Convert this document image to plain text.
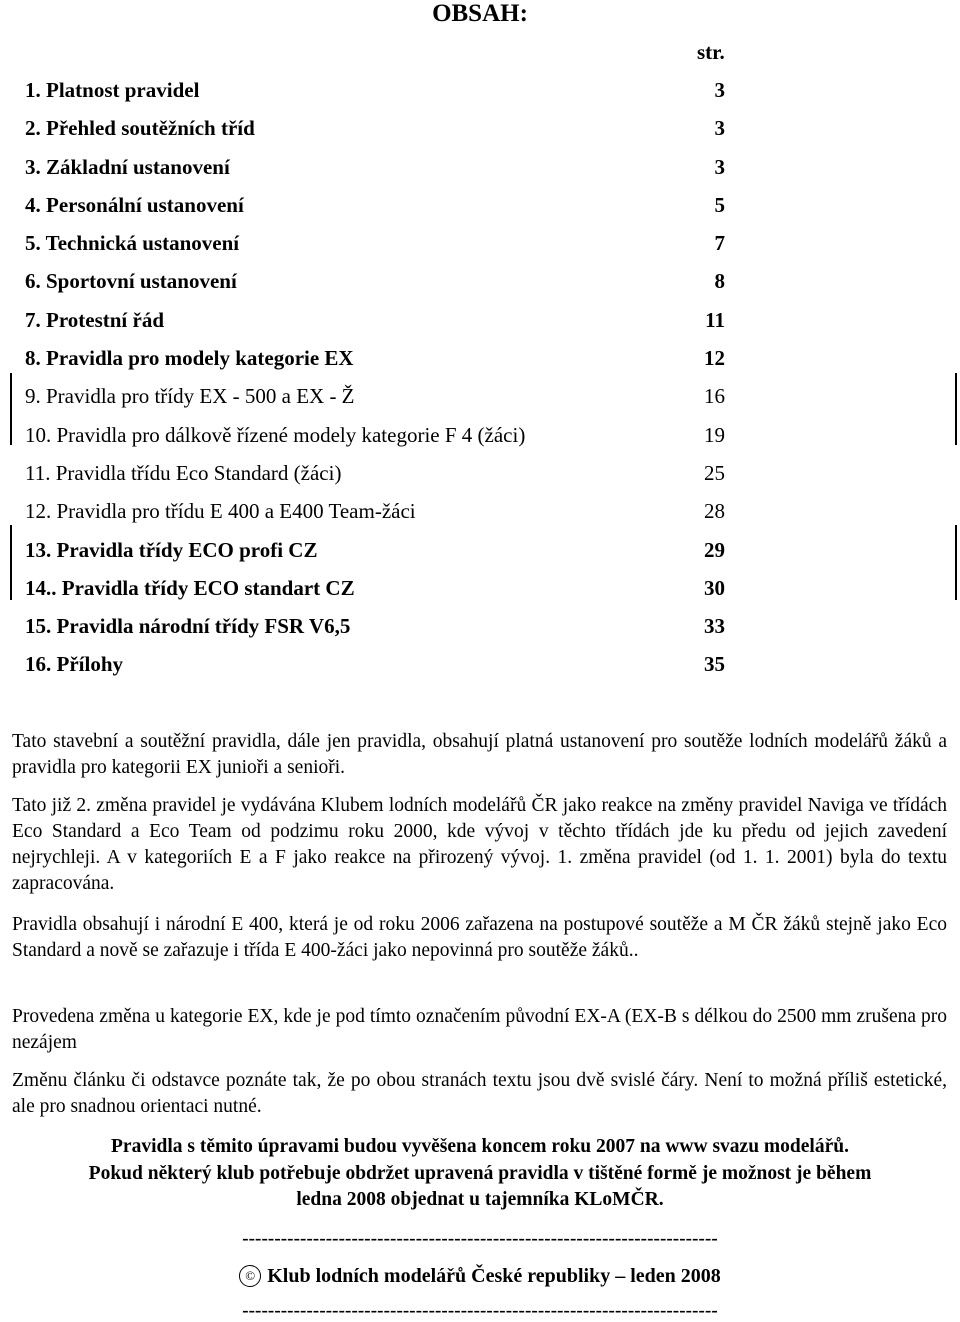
OBSAH:
str.
1. Platnost pravidel	3
2. Přehled soutěžních tříd	3
3. Základní ustanovení	3
4. Personální ustanovení	5
5. Technická ustanovení	7
6. Sportovní ustanovení	8
7. Protestní řád	11
8. Pravidla pro modely kategorie EX	12
9. Pravidla pro třídy EX - 500 a EX - Ž	16
10. Pravidla pro dálkově řízené modely kategorie F 4 (žáci)	19
11. Pravidla třídu Eco Standard (žáci)	25
12. Pravidla pro třídu E 400 a E400 Team-žáci	28
13. Pravidla třídy ECO profi CZ	29
14.. Pravidla třídy ECO standart CZ	30
15. Pravidla národní třídy FSR V6,5	33
16. Přílohy	35

Tato stavební a soutěžní pravidla, dále jen pravidla, obsahují platná ustanovení pro soutěže lodních modelářů žáků a pravidla pro kategorii EX junioři a senioři.

Tato již 2. změna pravidel je vydávána Klubem lodních modelářů ČR jako reakce na změny pravidel Naviga ve třídách Eco Standard a Eco Team od podzimu roku 2000, kde vývoj v těchto třídách jde ku předu od jejich zavedení nejrychleji. A v kategoriích E a F jako reakce na přirozený vývoj. 1. změna pravidel (od 1. 1. 2001) byla do textu zapracována.

Pravidla obsahují i národní E 400, která je od roku 2006 zařazena na postupové soutěže a M ČR žáků stejně jako Eco Standard a nově se zařazuje i třída E 400-žáci jako nepovinná pro soutěže žáků..

Provedena změna u kategorie EX, kde je pod tímto označením původní EX-A (EX-B s délkou do 2500 mm zrušena pro nezájem

Změnu článku či odstavce poznáte tak, že po obou stranách textu jsou dvě svislé čáry. Není to možná příliš estetické, ale pro snadnou orientaci nutné.

Pravidla s těmito úpravami budou vyvěšena koncem roku 2007 na www svazu modelářů.
Pokud některý klub potřebuje obdržet upravená pravidla v tištěné formě je možnost je během
ledna 2008 objednat u tajemníka KLoMČR.
--------------------------------------------------------------------------
© Klub lodních modelářů České republiky – leden 2008
--------------------------------------------------------------------------
